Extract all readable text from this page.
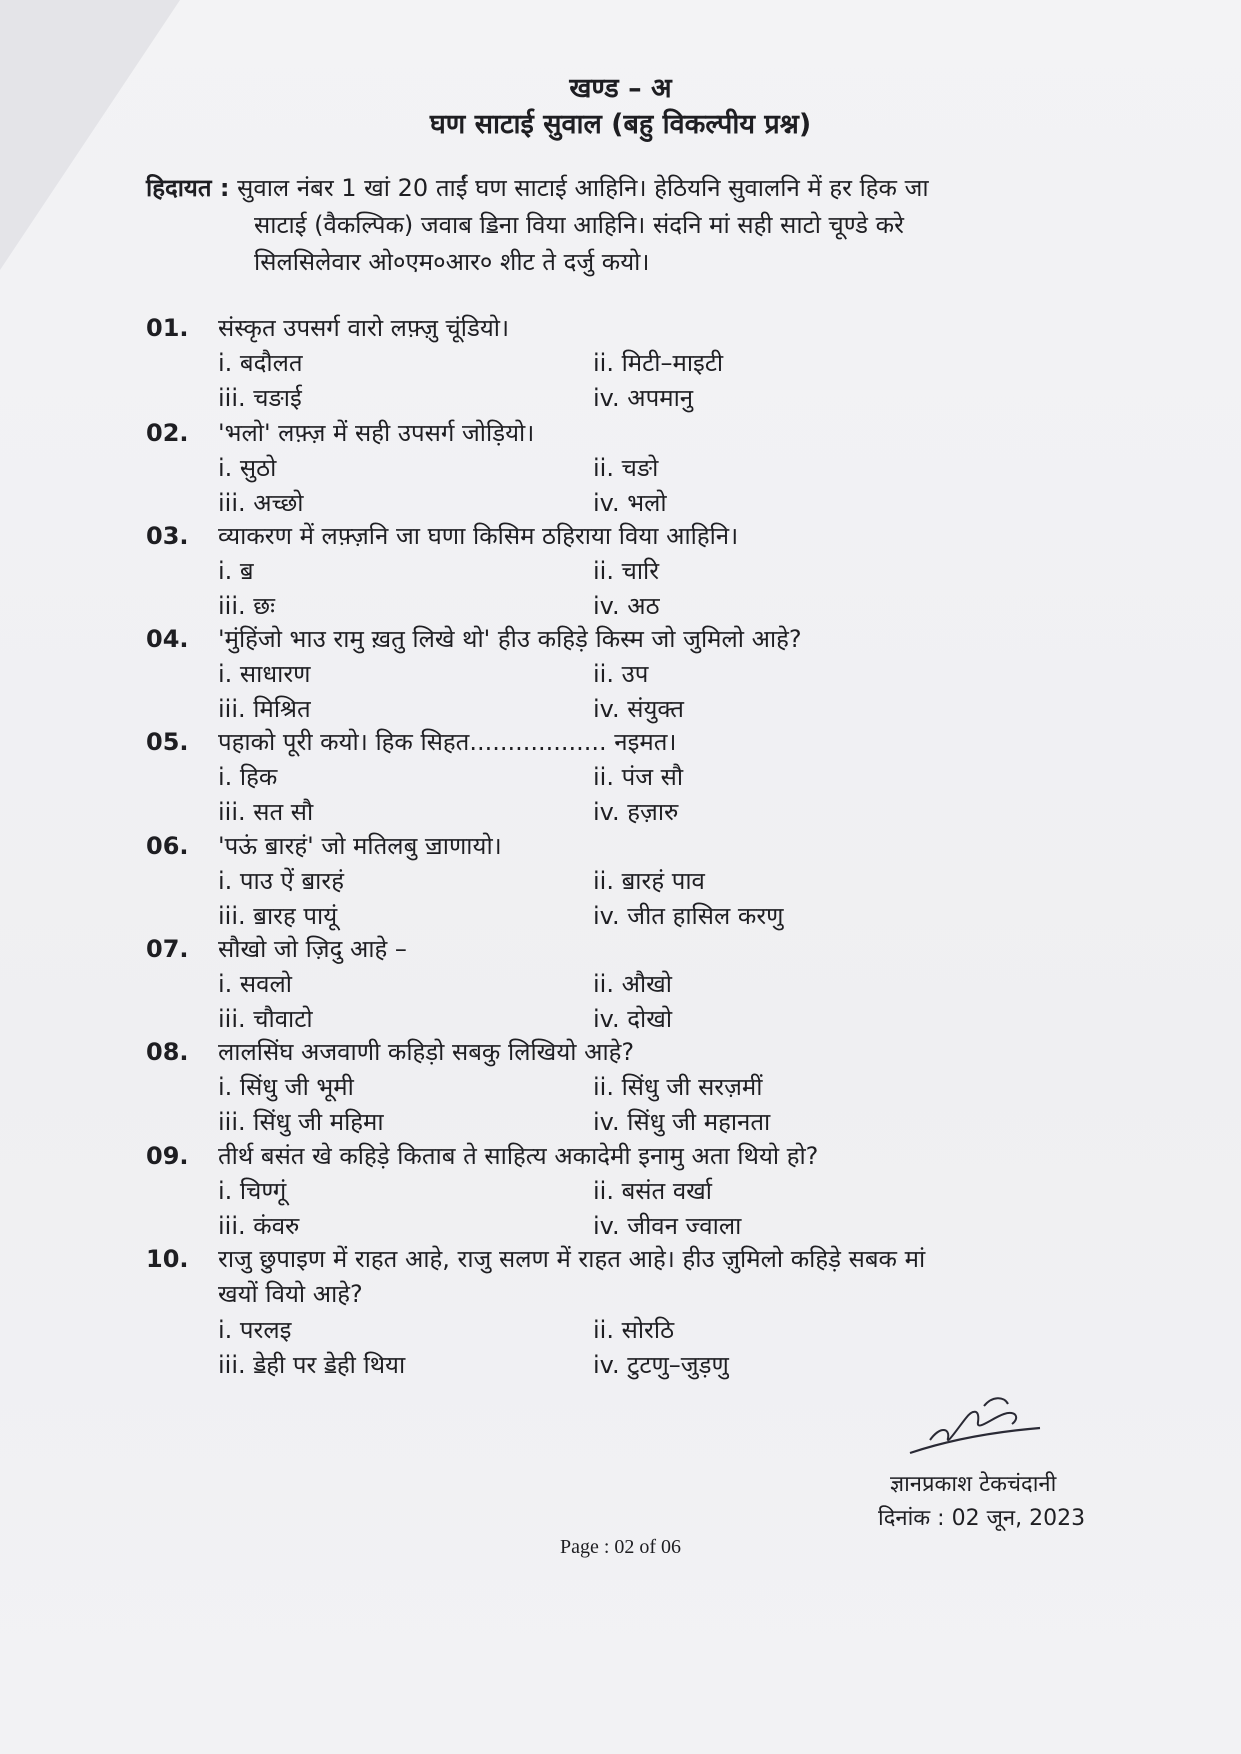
खण्ड – अ
घण साटाई सुवाल (बहु विकल्पीय प्रश्न)
हिदायत : सुवाल नंबर 1 खां 20 ताईं घण साटाई आहिनि। हेठियनि सुवालनि में हर हिक जा
साटाई (वैकल्पिक) जवाब ॾिना विया आहिनि। संदनि मां सही साटो चूण्डे करे
सिलसिलेवार ओ०एम०आर० शीट ते दर्जु कयो।
01.	संस्कृत उपसर्ग वारो लफ़्ज़ु चूंडियो।
i. बदौलत	ii. मिटी–माइटी
iii. चङाई	iv. अपमानु
02.	'भलो' लफ़्ज़ में सही उपसर्ग जोड़ियो।
i. सुठो	ii. चङो
iii. अच्छो	iv. भलो
03.	व्याकरण में लफ़्ज़नि जा घणा किसिम ठहिराया विया आहिनि।
i. ॿ	ii. चारि
iii. छः	iv. अठ
04.	'मुंहिंजो भाउ रामु ख़तु लिखे थो' हीउ कहिड़े किस्म जो जुमिलो आहे?
i. साधारण	ii. उप
iii. मिश्रित	iv. संयुक्त
05.	पहाको पूरी कयो। हिक सिहत.................. नइमत।
i. हिक	ii. पंज सौ
iii. सत सौ	iv. हज़ारु
06.	'पऊं ॿारहं' जो मतिलबु ॼाणायो।
i. पाउ ऐं ॿारहं	ii. ॿारहं पाव
iii. ॿारह पायूं	iv. जीत हासिल करणु
07.	सौखो जो ज़िदु आहे –
i. सवलो	ii. औखो
iii. चौवाटो	iv. दोखो
08.	लालसिंघ अजवाणी कहिड़ो सबकु लिखियो आहे?
i. सिंधु जी भूमी	ii. सिंधु जी सरज़मीं
iii. सिंधु जी महिमा	iv. सिंधु जी महानता
09.	तीर्थ बसंत खे कहिड़े किताब ते साहित्य अकादेमी इनामु अता थियो हो?
i. चिण्गूं	ii. बसंत वर्खा
iii. कंवरु	iv. जीवन ज्वाला
10.	राजु छुपाइण में राहत आहे, राजु सलण में राहत आहे। हीउ ज़ुमिलो कहिड़े सबक मां
खयों वियो आहे?
i. परलइ	ii. सोरठि
iii. ॾेही पर ॾेही थिया	iv. टुटणु–जुड़णु
ज्ञानप्रकाश टेकचंदानी
दिनांक : 02 जून, 2023
Page : 02 of 06
